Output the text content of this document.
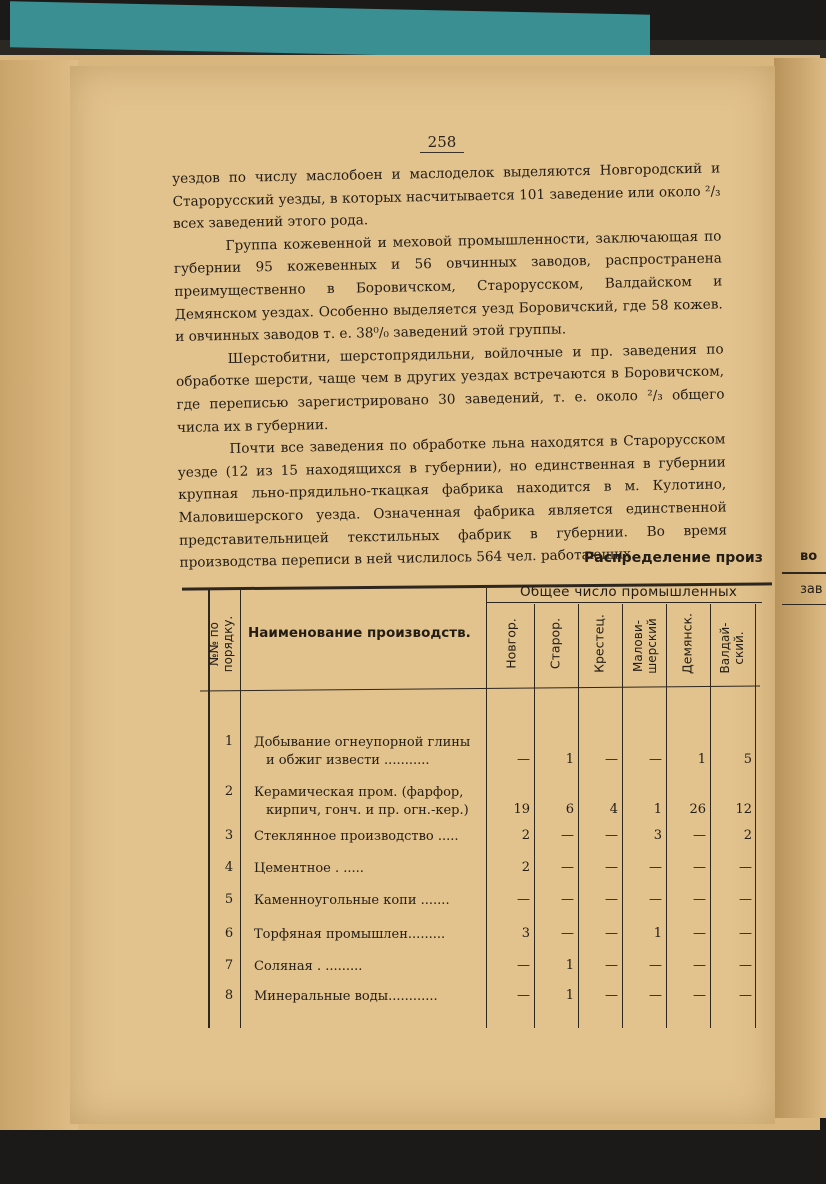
258

уездов по числу маслобоен и маслоделок выделяются Новгородский и Старорусский уезды, в которых насчитывается 101 заведение или около ²/₃ всех заведений этого рода.

Группа кожевенной и меховой промышленности, заключающая по губернии 95 кожевенных и 56 овчинных заводов, распространена преимущественно в Боровичском, Старорусском, Валдайском и Демянском уездах. Особенно выделяется уезд Боровичский, где 58 кожев. и овчинных заводов т. е. 38⁰/₀ заведений этой группы.

Шерстобитни, шерстопрядильни, войлочные и пр. заведения по обработке шерсти, чаще чем в других уездах встречаются в Боровичском, где переписью зарегистрировано 30 заведений, т. е. около ²/₃ общего числа их в губернии.

Почти все заведения по обработке льна находятся в Старорусском уезде (12 из 15 находящихся в губернии), но единственная в губернии крупная льно-прядильно-ткацкая фабрика находится в м. Кулотино, Маловишерского уезда. Означенная фабрика является единственной представительницей текстильных фабрик в губернии. Во время производства переписи в ней числилось 564 чел. работающих.

Распределение произ	во
зав
№№ по порядку. Наименование производств.
Общее число промышленных
Новгор. Старор. Крестец. Малови-шерский Демянск. Валдай-ский.
1	Добывание огнеупорной глины
и обжиг извести ...........	—	1	—	—	1	5
2	Керамическая пром. (фарфор,
кирпич, гонч. и пр. огн.-кер.)	19	6	4	1	26	12
3	Стеклянное производство .....	2	—	—	3	—	2
4	Цементное . .....	2	—	—	—	—	—
5	Каменноугольные копи .......	—	—	—	—	—	—
6	Торфяная промышлен.........	3	—	—	1	—	—
7	Соляная . .........	—	1	—	—	—	—
8	Минеральные воды............	—	1	—	—	—	—
